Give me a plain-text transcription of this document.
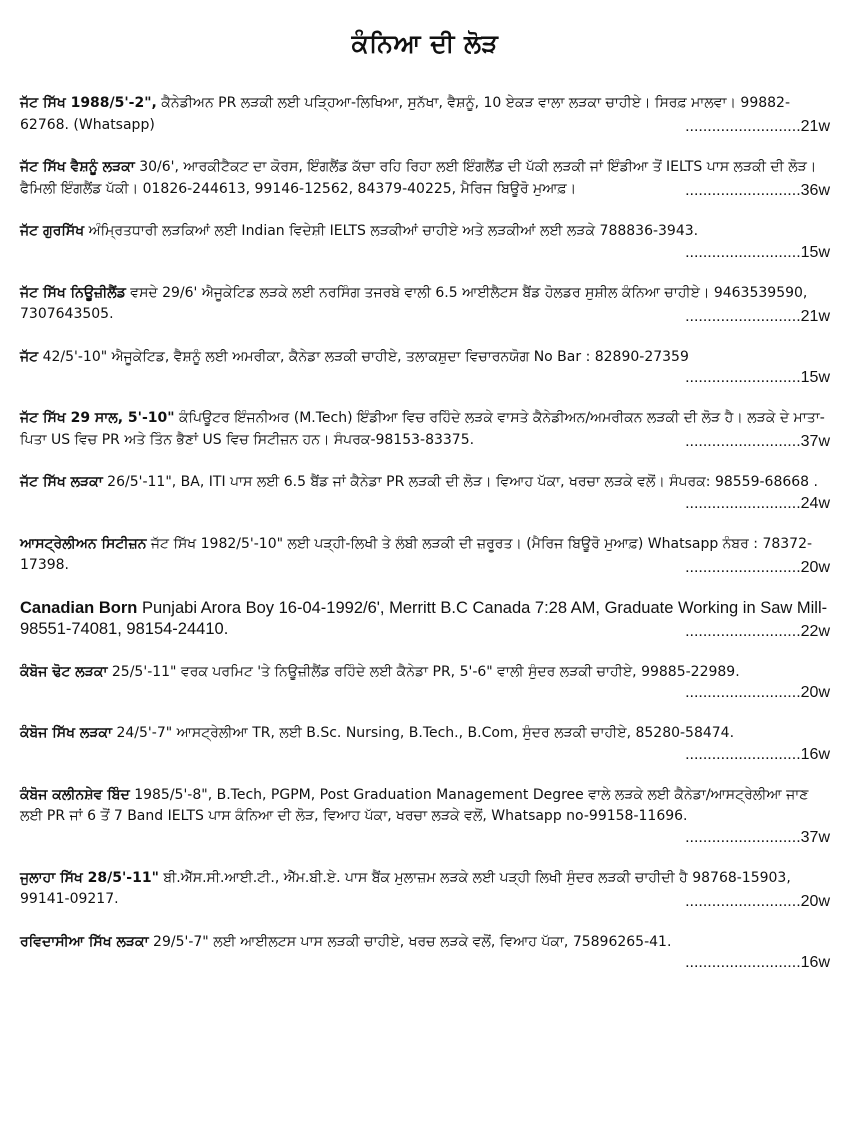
ਕੰਨਿਆ ਦੀ ਲੋੜ
ਜੱਟ ਸਿੱਖ 1988/5'-2", ਕੈਨੇਡੀਅਨ PR ਲੜਕੀ ਲਈ ਪੜ੍ਹਿਆ-ਲਿਖਿਆ, ਸੁਨੱਖਾ, ਵੈਸ਼ਨੂੰ, 10 ਏਕੜ ਵਾਲਾ ਲੜਕਾ ਚਾਹੀਏ। ਸਿਰਫ਼ ਮਾਲਵਾ। 99882-62768. (Whatsapp)	..........................21w
ਜੱਟ ਸਿੱਖ ਵੈਸ਼ਨੂੰ ਲੜਕਾ 30/6', ਆਰਕੀਟੈਕਟ ਦਾ ਕੋਰਸ, ਇੰਗਲੈਂਡ ਕੱਚਾ ਰਹਿ ਰਿਹਾ ਲਈ ਇੰਗਲੈਂਡ ਦੀ ਪੱਕੀ ਲੜਕੀ ਜਾਂ ਇੰਡੀਆ ਤੋਂ IELTS ਪਾਸ ਲੜਕੀ ਦੀ ਲੋੜ। ਫੈਮਿਲੀ ਇੰਗਲੈਂਡ ਪੱਕੀ। 01826-244613, 99146-12562, 84379-40225, ਮੈਰਿਜ ਬਿਊਰੋ ਮੁਆਫ਼।	..........................36w
ਜੱਟ ਗੁਰਸਿੱਖ ਅੰਮ੍ਰਿਤਧਾਰੀ ਲੜਕਿਆਂ ਲਈ Indian ਵਿਦੇਸ਼ੀ IELTS ਲੜਕੀਆਂ ਚਾਹੀਏ ਅਤੇ ਲੜਕੀਆਂ ਲਈ ਲੜਕੇ 788836-3943.
..........................15w
ਜੱਟ ਸਿੱਖ ਨਿਊਜ਼ੀਲੈਂਡ ਵਸਦੇ 29/6' ਐਜੂਕੇਟਿਡ ਲੜਕੇ ਲਈ ਨਰਸਿੰਗ ਤਜਰਬੇ ਵਾਲੀ 6.5 ਆਈਲੈਟਸ ਬੈਂਡ ਹੋਲਡਰ ਸੁਸ਼ੀਲ ਕੰਨਿਆ ਚਾਹੀਏ। 9463539590, 7307643505.	..........................21w
ਜੱਟ 42/5'-10" ਐਜੂਕੇਟਿਡ, ਵੈਸ਼ਨੂੰ ਲਈ ਅਮਰੀਕਾ, ਕੈਨੇਡਾ ਲੜਕੀ ਚਾਹੀਏ, ਤਲਾਕਸ਼ੁਦਾ ਵਿਚਾਰਨਯੋਗ No Bar : 82890-27359
..........................15w
ਜੱਟ ਸਿੱਖ 29 ਸਾਲ, 5'-10" ਕੰਪਿਊਟਰ ਇੰਜਨੀਅਰ (M.Tech) ਇੰਡੀਆ ਵਿਚ ਰਹਿੰਦੇ ਲੜਕੇ ਵਾਸਤੇ ਕੈਨੇਡੀਅਨ/ਅਮਰੀਕਨ ਲੜਕੀ ਦੀ ਲੋੜ ਹੈ। ਲੜਕੇ ਦੇ ਮਾਤਾ-ਪਿਤਾ US ਵਿਚ PR ਅਤੇ ਤਿੰਨ ਭੈਣਾਂ US ਵਿਚ ਸਿਟੀਜ਼ਨ ਹਨ। ਸੰਪਰਕ-98153-83375.	..........................37w
ਜੱਟ ਸਿੱਖ ਲੜਕਾ 26/5'-11", BA, ITI ਪਾਸ ਲਈ 6.5 ਬੈਂਡ ਜਾਂ ਕੈਨੇਡਾ PR ਲੜਕੀ ਦੀ ਲੋੜ। ਵਿਆਹ ਪੱਕਾ, ਖਰਚਾ ਲੜਕੇ ਵਲੋਂ। ਸੰਪਰਕ: 98559-68668 .
..........................24w
ਆਸਟ੍ਰੇਲੀਅਨ ਸਿਟੀਜ਼ਨ ਜੱਟ ਸਿੱਖ 1982/5'-10" ਲਈ ਪੜ੍ਹੀ-ਲਿਖੀ ਤੇ ਲੰਬੀ ਲੜਕੀ ਦੀ ਜ਼ਰੂਰਤ। (ਮੈਰਿਜ ਬਿਊਰੋ ਮੁਆਫ਼) Whatsapp ਨੰਬਰ : 78372-17398.	..........................20w
Canadian Born Punjabi Arora Boy 16-04-1992/6', Merritt B.C Canada 7:28 AM, Graduate Working in Saw Mill-98551-74081, 98154-24410.	..........................22w
ਕੰਬੋਜ ਢੋਟ ਲੜਕਾ 25/5'-11" ਵਰਕ ਪਰਮਿਟ 'ਤੇ ਨਿਊਜ਼ੀਲੈਂਡ ਰਹਿੰਦੇ ਲਈ ਕੈਨੇਡਾ PR, 5'-6" ਵਾਲੀ ਸੁੰਦਰ ਲੜਕੀ ਚਾਹੀਏ, 99885-22989.
..........................20w
ਕੰਬੋਜ ਸਿੱਖ ਲੜਕਾ 24/5'-7" ਆਸਟ੍ਰੇਲੀਆ TR, ਲਈ B.Sc. Nursing, B.Tech., B.Com, ਸੁੰਦਰ ਲੜਕੀ ਚਾਹੀਏ, 85280-58474.
..........................16w
ਕੰਬੋਜ ਕਲੀਨਸ਼ੇਵ ਬਿੰਦ 1985/5'-8", B.Tech, PGPM, Post Graduation Management Degree ਵਾਲੇ ਲੜਕੇ ਲਈ ਕੈਨੇਡਾ/ਆਸਟ੍ਰੇਲੀਆ ਜਾਣ ਲਈ PR ਜਾਂ 6 ਤੋਂ 7 Band IELTS ਪਾਸ ਕੰਨਿਆ ਦੀ ਲੋੜ, ਵਿਆਹ ਪੱਕਾ, ਖਰਚਾ ਲੜਕੇ ਵਲੋਂ, Whatsapp no-99158-11696.
..........................37w
ਜੁਲਾਹਾ ਸਿੱਖ 28/5'-11" ਬੀ.ਐੱਸ.ਸੀ.ਆਈ.ਟੀ., ਐੱਮ.ਬੀ.ਏ. ਪਾਸ ਬੈਂਕ ਮੁਲਾਜ਼ਮ ਲੜਕੇ ਲਈ ਪੜ੍ਹੀ ਲਿਖੀ ਸੁੰਦਰ ਲੜਕੀ ਚਾਹੀਦੀ ਹੈ 98768-15903, 99141-09217.	..........................20w
ਰਵਿਦਾਸੀਆ ਸਿੱਖ ਲੜਕਾ 29/5'-7" ਲਈ ਆਈਲਟਸ ਪਾਸ ਲੜਕੀ ਚਾਹੀਏ, ਖਰਚ ਲੜਕੇ ਵਲੋਂ, ਵਿਆਹ ਪੱਕਾ, 75896265-41.
..........................16w
